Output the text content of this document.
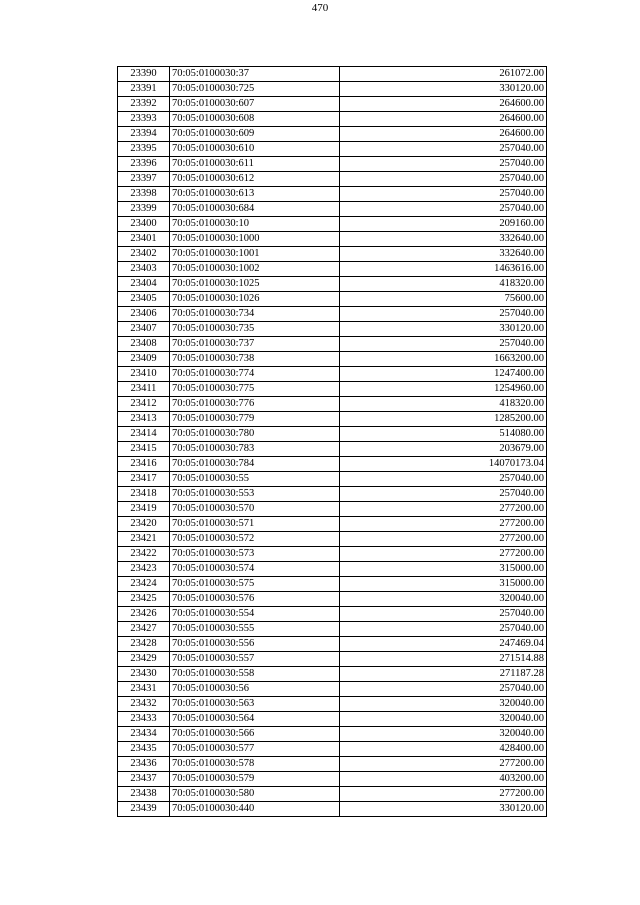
470
23390	70:05:0100030:37	261072.00
23391	70:05:0100030:725	330120.00
23392	70:05:0100030:607	264600.00
23393	70:05:0100030:608	264600.00
23394	70:05:0100030:609	264600.00
23395	70:05:0100030:610	257040.00
23396	70:05:0100030:611	257040.00
23397	70:05:0100030:612	257040.00
23398	70:05:0100030:613	257040.00
23399	70:05:0100030:684	257040.00
23400	70:05:0100030:10	209160.00
23401	70:05:0100030:1000	332640.00
23402	70:05:0100030:1001	332640.00
23403	70:05:0100030:1002	1463616.00
23404	70:05:0100030:1025	418320.00
23405	70:05:0100030:1026	75600.00
23406	70:05:0100030:734	257040.00
23407	70:05:0100030:735	330120.00
23408	70:05:0100030:737	257040.00
23409	70:05:0100030:738	1663200.00
23410	70:05:0100030:774	1247400.00
23411	70:05:0100030:775	1254960.00
23412	70:05:0100030:776	418320.00
23413	70:05:0100030:779	1285200.00
23414	70:05:0100030:780	514080.00
23415	70:05:0100030:783	203679.00
23416	70:05:0100030:784	14070173.04
23417	70:05:0100030:55	257040.00
23418	70:05:0100030:553	257040.00
23419	70:05:0100030:570	277200.00
23420	70:05:0100030:571	277200.00
23421	70:05:0100030:572	277200.00
23422	70:05:0100030:573	277200.00
23423	70:05:0100030:574	315000.00
23424	70:05:0100030:575	315000.00
23425	70:05:0100030:576	320040.00
23426	70:05:0100030:554	257040.00
23427	70:05:0100030:555	257040.00
23428	70:05:0100030:556	247469.04
23429	70:05:0100030:557	271514.88
23430	70:05:0100030:558	271187.28
23431	70:05:0100030:56	257040.00
23432	70:05:0100030:563	320040.00
23433	70:05:0100030:564	320040.00
23434	70:05:0100030:566	320040.00
23435	70:05:0100030:577	428400.00
23436	70:05:0100030:578	277200.00
23437	70:05:0100030:579	403200.00
23438	70:05:0100030:580	277200.00
23439	70:05:0100030:440	330120.00
